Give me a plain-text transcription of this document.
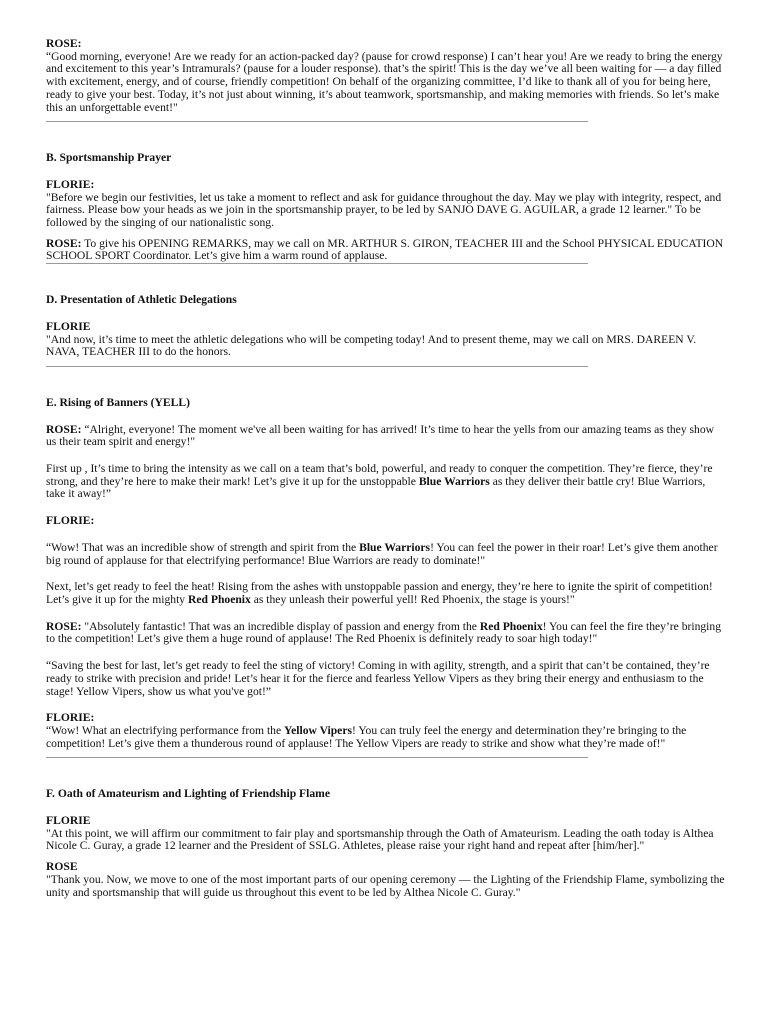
ROSE:

“Good morning, everyone! Are we ready for an action-packed day? (pause for crowd response) I can’t hear you! Are we ready to bring the energy and excitement to this year’s Intramurals? (pause for a louder response). that’s the spirit! This is the day we’ve all been waiting for — a day filled with excitement, energy, and of course, friendly competition! On behalf of the organizing committee, I’d like to thank all of you for being here, ready to give your best. Today, it’s not just about winning, it’s about teamwork, sportsmanship, and making memories with friends. So let’s make this an unforgettable event!"

B. Sportsmanship Prayer

FLORIE:

"Before we begin our festivities, let us take a moment to reflect and ask for guidance throughout the day. May we play with integrity, respect, and fairness. Please bow your heads as we join in the sportsmanship prayer, to be led by SANJO DAVE G. AGUILAR, a grade 12 learner." To be followed by the singing of our nationalistic song.

ROSE: To give his OPENING REMARKS, may we call on MR. ARTHUR S. GIRON, TEACHER III and the School PHYSICAL EDUCATION SCHOOL SPORT Coordinator. Let’s give him a warm round of applause.

D. Presentation of Athletic Delegations

FLORIE

"And now, it’s time to meet the athletic delegations who will be competing today! And to present theme, may we call on MRS. DAREEN V. NAVA, TEACHER III to do the honors.

E. Rising of Banners (YELL)

ROSE: “Alright, everyone! The moment we've all been waiting for has arrived! It’s time to hear the yells from our amazing teams as they show us their team spirit and energy!"

First up , It’s time to bring the intensity as we call on a team that’s bold, powerful, and ready to conquer the competition. They’re fierce, they’re strong, and they’re here to make their mark! Let’s give it up for the unstoppable Blue Warriors as they deliver their battle cry! Blue Warriors, take it away!”

FLORIE:

“Wow! That was an incredible show of strength and spirit from the Blue Warriors! You can feel the power in their roar! Let’s give them another big round of applause for that electrifying performance! Blue Warriors are ready to dominate!"

Next, let’s get ready to feel the heat! Rising from the ashes with unstoppable passion and energy, they’re here to ignite the spirit of competition! Let’s give it up for the mighty Red Phoenix as they unleash their powerful yell! Red Phoenix, the stage is yours!"

ROSE: "Absolutely fantastic! That was an incredible display of passion and energy from the Red Phoenix! You can feel the fire they’re bringing to the competition! Let’s give them a huge round of applause! The Red Phoenix is definitely ready to soar high today!"

“Saving the best for last, let’s get ready to feel the sting of victory! Coming in with agility, strength, and a spirit that can’t be contained, they’re ready to strike with precision and pride! Let’s hear it for the fierce and fearless Yellow Vipers as they bring their energy and enthusiasm to the stage! Yellow Vipers, show us what you've got!”

FLORIE:

“Wow! What an electrifying performance from the Yellow Vipers! You can truly feel the energy and determination they’re bringing to the competition! Let’s give them a thunderous round of applause! The Yellow Vipers are ready to strike and show what they’re made of!"

F. Oath of Amateurism and Lighting of Friendship Flame

FLORIE

"At this point, we will affirm our commitment to fair play and sportsmanship through the Oath of Amateurism. Leading the oath today is Althea Nicole C. Guray, a grade 12 learner and the President of SSLG. Athletes, please raise your right hand and repeat after [him/her]."

ROSE

"Thank you. Now, we move to one of the most important parts of our opening ceremony — the Lighting of the Friendship Flame, symbolizing the unity and sportsmanship that will guide us throughout this event to be led by Althea Nicole C. Guray."
